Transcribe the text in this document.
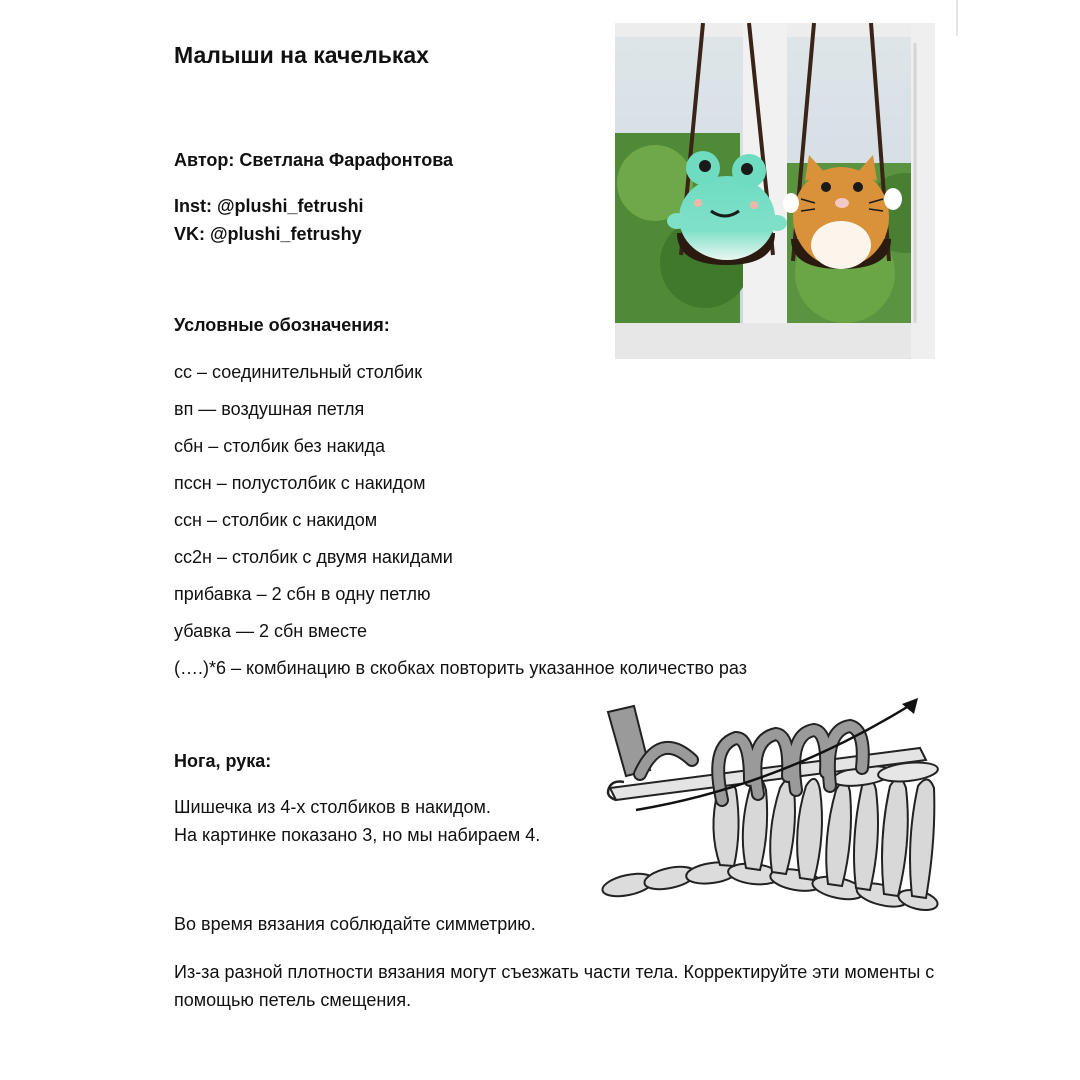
Малыши на качельках

Автор: Светлана Фарафонтова

Inst: @plushi_fetrushi

VK: @plushi_fetrushy

Условные обозначения:

сс – соединительный столбик
вп — воздушная петля
сбн – столбик без накида
пссн – полустолбик с накидом
ссн – столбик с накидом
сс2н – столбик с двумя накидами
прибавка – 2 сбн в одну петлю
убавка — 2 сбн вместе
(….)*6 – комбинацию в скобках повторить указанное количество раз

Нога, рука:

Шишечка из 4-х столбиков в накидом.
На картинке показано 3, но мы набираем 4.

Во время вязания соблюдайте симметрию.

Из-за разной плотности вязания могут съезжать части тела. Корректируйте эти моменты с помощью петель смещения.
